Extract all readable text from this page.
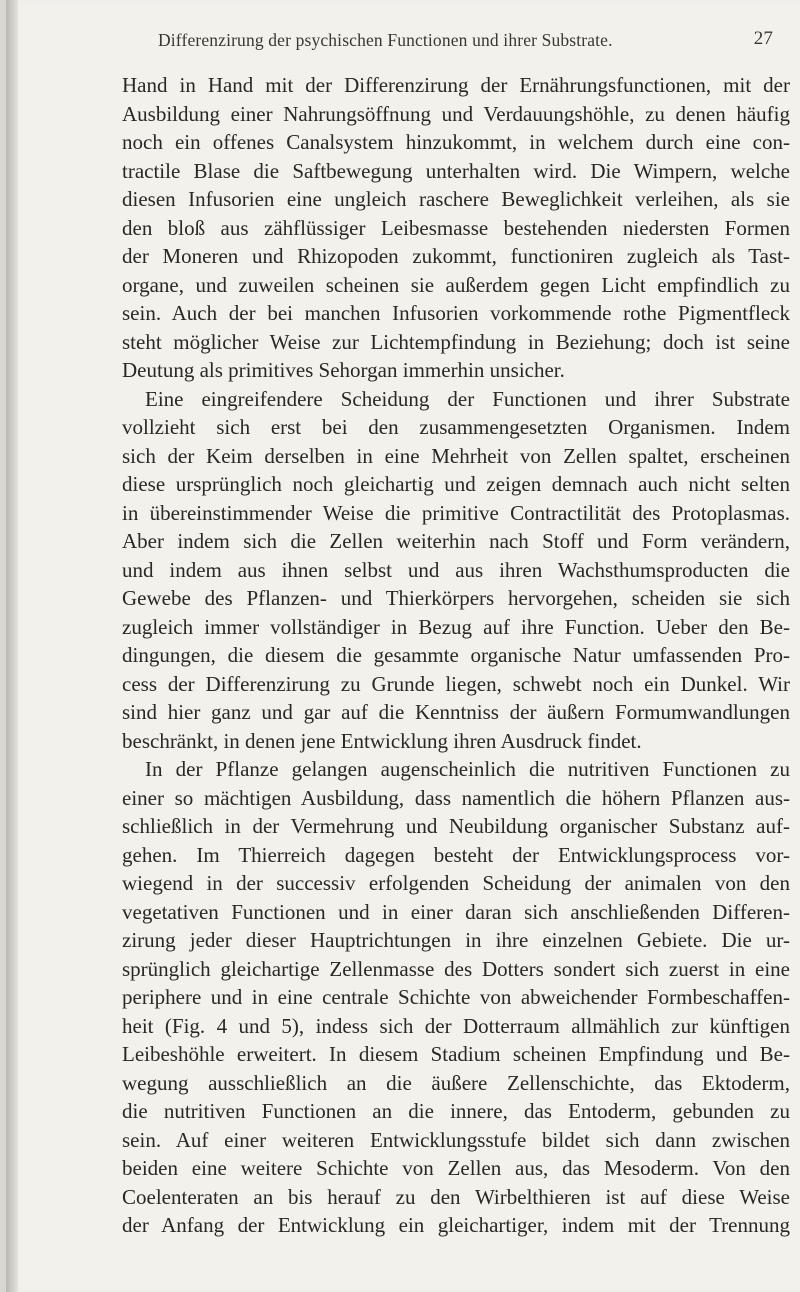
Differenzirung der psychischen Functionen und ihrer Substrate.	27
Hand in Hand mit der Differenzirung der Ernährungsfunctionen, mit der
Ausbildung einer Nahrungsöffnung und Verdauungshöhle, zu denen häufig
noch ein offenes Canalsystem hinzukommt, in welchem durch eine con-
tractile Blase die Saftbewegung unterhalten wird. Die Wimpern, welche
diesen Infusorien eine ungleich raschere Beweglichkeit verleihen, als sie
den bloß aus zähflüssiger Leibesmasse bestehenden niedersten Formen
der Moneren und Rhizopoden zukommt, functioniren zugleich als Tast-
organe, und zuweilen scheinen sie außerdem gegen Licht empfindlich zu
sein. Auch der bei manchen Infusorien vorkommende rothe Pigmentfleck
steht möglicher Weise zur Lichtempfindung in Beziehung; doch ist seine
Deutung als primitives Sehorgan immerhin unsicher.
Eine eingreifendere Scheidung der Functionen und ihrer Substrate
vollzieht sich erst bei den zusammengesetzten Organismen. Indem
sich der Keim derselben in eine Mehrheit von Zellen spaltet, erscheinen
diese ursprünglich noch gleichartig und zeigen demnach auch nicht selten
in übereinstimmender Weise die primitive Contractilität des Protoplasmas.
Aber indem sich die Zellen weiterhin nach Stoff und Form verändern,
und indem aus ihnen selbst und aus ihren Wachsthumsproducten die
Gewebe des Pflanzen- und Thierkörpers hervorgehen, scheiden sie sich
zugleich immer vollständiger in Bezug auf ihre Function. Ueber den Be-
dingungen, die diesem die gesammte organische Natur umfassenden Pro-
cess der Differenzirung zu Grunde liegen, schwebt noch ein Dunkel. Wir
sind hier ganz und gar auf die Kenntniss der äußern Formumwandlungen
beschränkt, in denen jene Entwicklung ihren Ausdruck findet.
In der Pflanze gelangen augenscheinlich die nutritiven Functionen zu
einer so mächtigen Ausbildung, dass namentlich die höhern Pflanzen aus-
schließlich in der Vermehrung und Neubildung organischer Substanz auf-
gehen. Im Thierreich dagegen besteht der Entwicklungsprocess vor-
wiegend in der successiv erfolgenden Scheidung der animalen von den
vegetativen Functionen und in einer daran sich anschließenden Differen-
zirung jeder dieser Hauptrichtungen in ihre einzelnen Gebiete. Die ur-
sprünglich gleichartige Zellenmasse des Dotters sondert sich zuerst in eine
peripherе und in eine centrale Schichte von abweichender Formbeschaffen-
heit (Fig. 4 und 5), indess sich der Dotterraum allmählich zur künftigen
Leibeshöhle erweitert. In diesem Stadium scheinen Empfindung und Be-
wegung ausschließlich an die äußere Zellenschichte, das Ektoderm,
die nutritiven Functionen an die innere, das Entoderm, gebunden zu
sein. Auf einer weiteren Entwicklungsstufe bildet sich dann zwischen
beiden eine weitere Schichte von Zellen aus, das Mesoderm. Von den
Coelenteraten an bis herauf zu den Wirbelthieren ist auf diese Weise
der Anfang der Entwicklung ein gleichartiger, indem mit der Trennung
